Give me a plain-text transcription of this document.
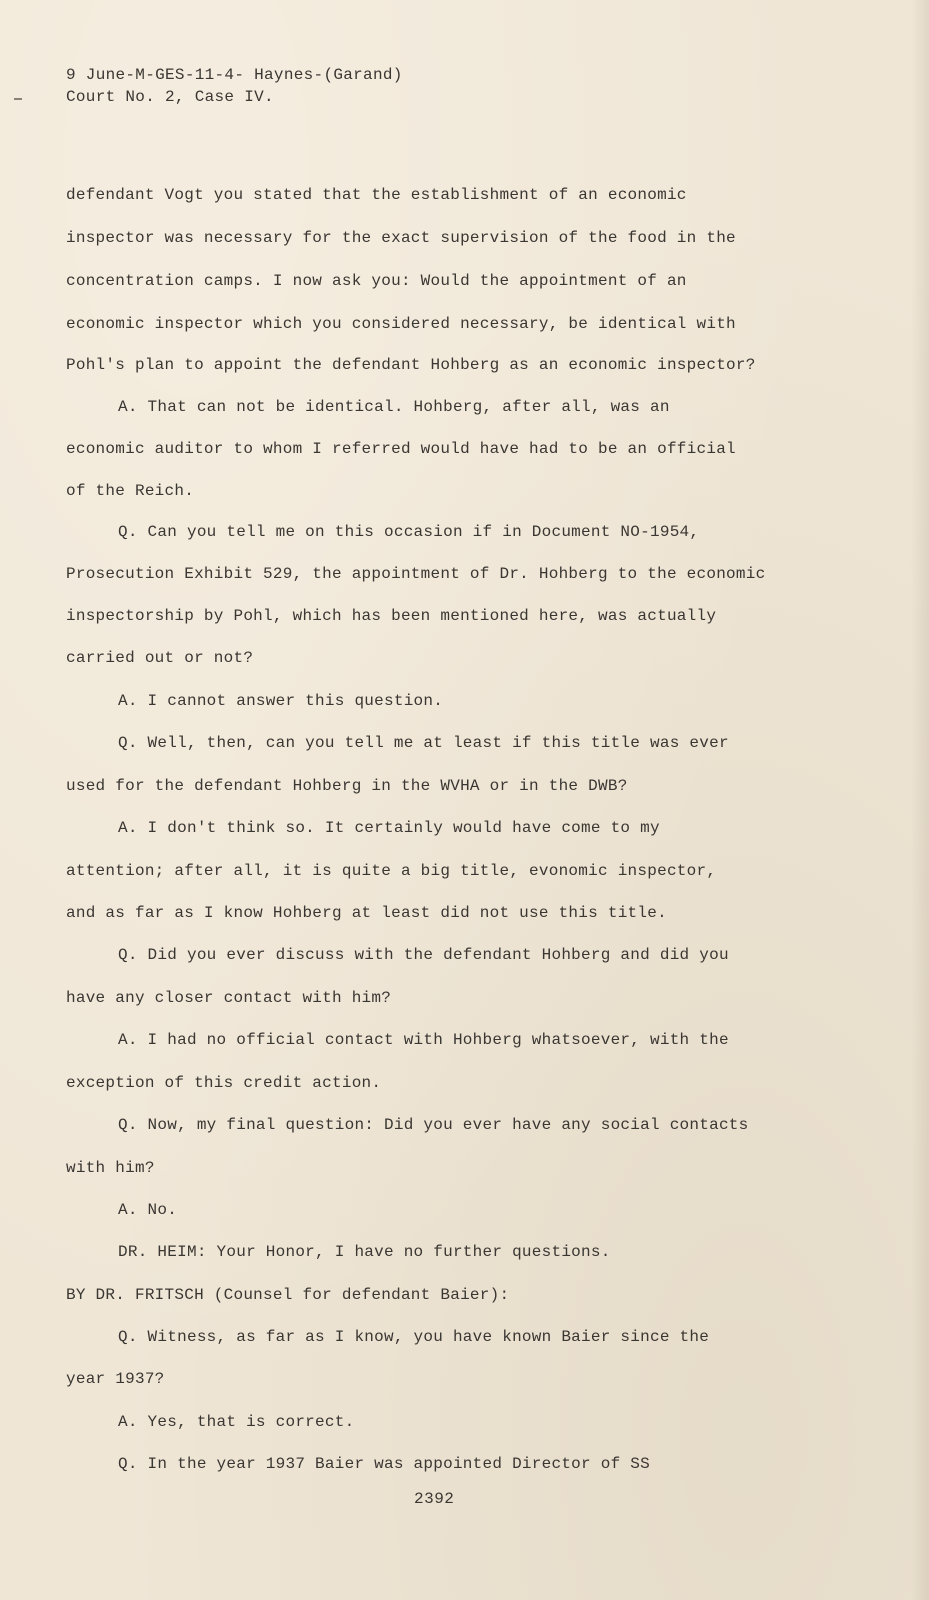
9 June-M-GES-11-4- Haynes-(Garand)
Court No. 2, Case IV.
defendant Vogt you stated that the establishment of an economic
inspector was necessary for the exact supervision of the food in the
concentration camps. I now ask you: Would the appointment of an
economic inspector which you considered necessary, be identical with
Pohl's plan to appoint the defendant Hohberg as an economic inspector?
A. That can not be identical. Hohberg, after all, was an
economic auditor to whom I referred would have had to be an official
of the Reich.
Q. Can you tell me on this occasion if in Document NO-1954,
Prosecution Exhibit 529, the appointment of Dr. Hohberg to the economic
inspectorship by Pohl, which has been mentioned here, was actually
carried out or not?
A. I cannot answer this question.
Q. Well, then, can you tell me at least if this title was ever
used for the defendant Hohberg in the WVHA or in the DWB?
A. I don't think so. It certainly would have come to my
attention; after all, it is quite a big title, evonomic inspector,
and as far as I know Hohberg at least did not use this title.
Q. Did you ever discuss with the defendant Hohberg and did you
have any closer contact with him?
A. I had no official contact with Hohberg whatsoever, with the
exception of this credit action.
Q. Now, my final question: Did you ever have any social contacts
with him?
A. No.
DR. HEIM: Your Honor, I have no further questions.
BY DR. FRITSCH (Counsel for defendant Baier):
Q. Witness, as far as I know, you have known Baier since the
year 1937?
A. Yes, that is correct.
Q. In the year 1937 Baier was appointed Director of SS
2392
